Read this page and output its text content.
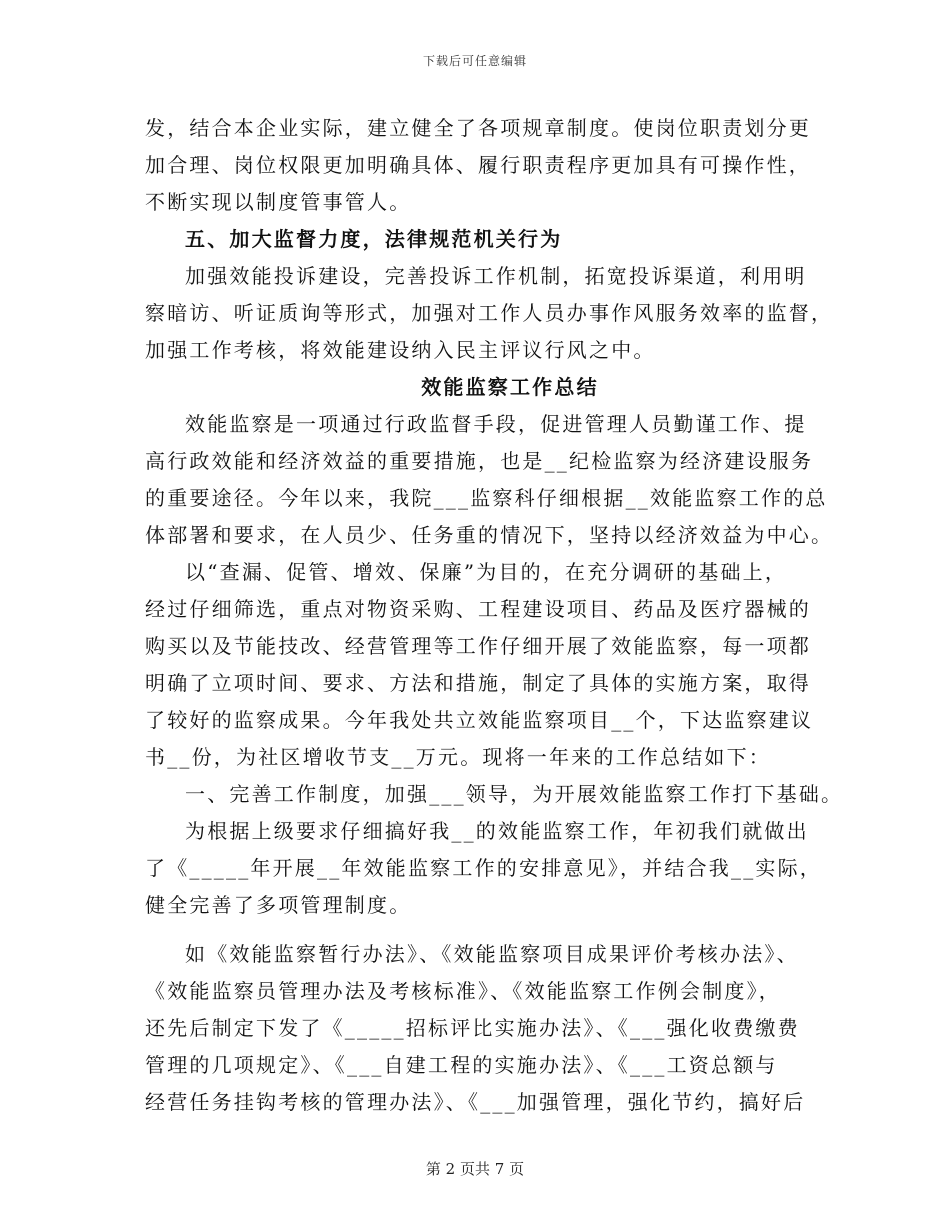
下载后可任意编辑
发，结合本企业实际，建立健全了各项规章制度。使岗位职责划分更
加合理、岗位权限更加明确具体、履行职责程序更加具有可操作性，
不断实现以制度管事管人。
五、加大监督力度，法律规范机关行为
加强效能投诉建设，完善投诉工作机制，拓宽投诉渠道，利用明
察暗访、听证质询等形式，加强对工作人员办事作风服务效率的监督，
加强工作考核，将效能建设纳入民主评议行风之中。
效能监察工作总结
效能监察是一项通过行政监督手段，促进管理人员勤谨工作、提
高行政效能和经济效益的重要措施，也是__纪检监察为经济建设服务
的重要途径。今年以来，我院___监察科仔细根据__效能监察工作的总
体部署和要求，在人员少、任务重的情况下，坚持以经济效益为中心。
以“查漏、促管、增效、保廉”为目的，在充分调研的基础上，
经过仔细筛选，重点对物资采购、工程建设项目、药品及医疗器械的
购买以及节能技改、经营管理等工作仔细开展了效能监察，每一项都
明确了立项时间、要求、方法和措施，制定了具体的实施方案，取得
了较好的监察成果。今年我处共立效能监察项目__个，下达监察建议
书__份，为社区增收节支__万元。现将一年来的工作总结如下：
一、完善工作制度，加强___领导，为开展效能监察工作打下基础。
为根据上级要求仔细搞好我__的效能监察工作，年初我们就做出
了《_____年开展__年效能监察工作的安排意见》，并结合我__实际，
健全完善了多项管理制度。
如《效能监察暂行办法》、《效能监察项目成果评价考核办法》、
《效能监察员管理办法及考核标准》、《效能监察工作例会制度》，
还先后制定下发了《_____招标评比实施办法》、《___强化收费缴费
管理的几项规定》、《___自建工程的实施办法》、《___工资总额与
经营任务挂钩考核的管理办法》、《___加强管理，强化节约，搞好后
第 2 页共 7 页
